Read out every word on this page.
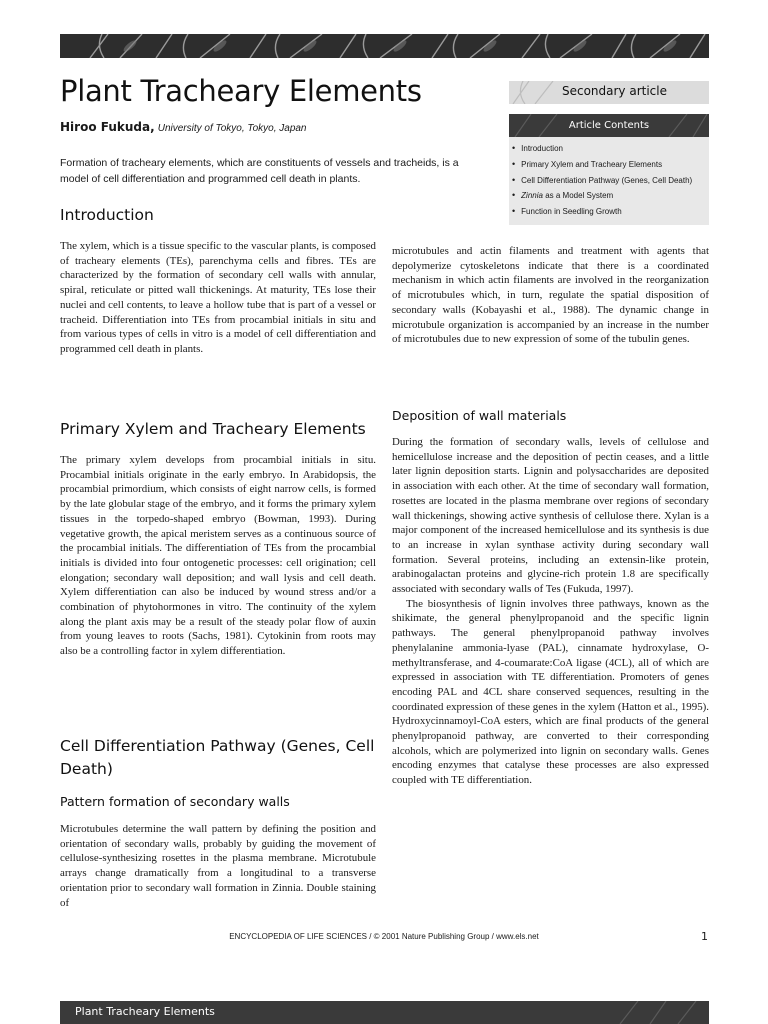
Plant Tracheary Elements
Hiroo Fukuda, University of Tokyo, Tokyo, Japan
Formation of tracheary elements, which are constituents of vessels and tracheids, is a model of cell differentiation and programmed cell death in plants.
Secondary article
Article Contents
• Introduction
• Primary Xylem and Tracheary Elements
• Cell Differentiation Pathway (Genes, Cell Death)
• Zinnia as a Model System
• Function in Seedling Growth
Introduction

The xylem, which is a tissue specific to the vascular plants, is composed of tracheary elements (TEs), parenchyma cells and fibres. TEs are characterized by the formation of secondary cell walls with annular, spiral, reticulate or pitted wall thickenings. At maturity, TEs lose their nuclei and cell contents, to leave a hollow tube that is part of a vessel or tracheid. Differentiation into TEs from procambial initials in situ and from various types of cells in vitro is a model of cell differentiation and programmed cell death in plants.

Primary Xylem and Tracheary Elements

The primary xylem develops from procambial initials in situ. Procambial initials originate in the early embryo. In Arabidopsis, the procambial primordium, which consists of eight narrow cells, is formed by the late globular stage of the embryo, and it forms the primary xylem tissues in the torpedo-shaped embryo (Bowman, 1993). During vegetative growth, the apical meristem serves as a continuous source of the procambial initials. The differentiation of TEs from the procambial initials is divided into four ontogenetic processes: cell origination; cell elongation; secondary wall deposition; and wall lysis and cell death. Xylem differentiation can also be induced by wound stress and/or a combination of phytohormones in vitro. The continuity of the xylem along the plant axis may be a result of the steady polar flow of auxin from young leaves to roots (Sachs, 1981). Cytokinin from roots may also be a controlling factor in xylem differentiation.

Cell Differentiation Pathway (Genes, Cell Death)
Pattern formation of secondary walls

Microtubules determine the wall pattern by defining the position and orientation of secondary walls, probably by guiding the movement of cellulose-synthesizing rosettes in the plasma membrane. Microtubule arrays change dramatically from a longitudinal to a transverse orientation prior to secondary wall formation in Zinnia. Double staining of

microtubules and actin filaments and treatment with agents that depolymerize cytoskeletons indicate that there is a coordinated mechanism in which actin filaments are involved in the reorganization of microtubules which, in turn, regulate the spatial disposition of secondary walls (Kobayashi et al., 1988). The dynamic change in microtubule organization is accompanied by an increase in the number of microtubules due to new expression of some of the tubulin genes.

Deposition of wall materials

During the formation of secondary walls, levels of cellulose and hemicellulose increase and the deposition of pectin ceases, and a little later lignin deposition starts. Lignin and polysaccharides are deposited in association with each other. At the time of secondary wall formation, rosettes are located in the plasma membrane over regions of secondary wall thickenings, showing active synthesis of cellulose there. Xylan is a major component of the increased hemicellulose and its synthesis is due to an increase in xylan synthase activity during secondary wall formation. Several proteins, including an extensin-like protein, arabinogalactan proteins and glycine-rich protein 1.8 are specifically associated with secondary walls of Tes (Fukuda, 1997).

The biosynthesis of lignin involves three pathways, known as the shikimate, the general phenylpropanoid and the specific lignin pathways. The general phenylpropanoid pathway involves phenylalanine ammonia-lyase (PAL), cinnamate hydroxylase, O-methyltransferase, and 4-coumarate:CoA ligase (4CL), all of which are expressed in association with TE differentiation. Promoters of genes encoding PAL and 4CL share conserved sequences, resulting in the coordinated expression of these genes in the xylem (Hatton et al., 1995). Hydroxycinnamoyl-CoA esters, which are final products of the general phenylpropanoid pathway, are converted to their corresponding alcohols, which are polymerized into lignin on secondary walls. Genes encoding enzymes that catalyse these processes are also expressed coupled with TE differentiation.

ENCYCLOPEDIA OF LIFE SCIENCES / © 2001 Nature Publishing Group / www.els.net	1
Plant Tracheary Elements
